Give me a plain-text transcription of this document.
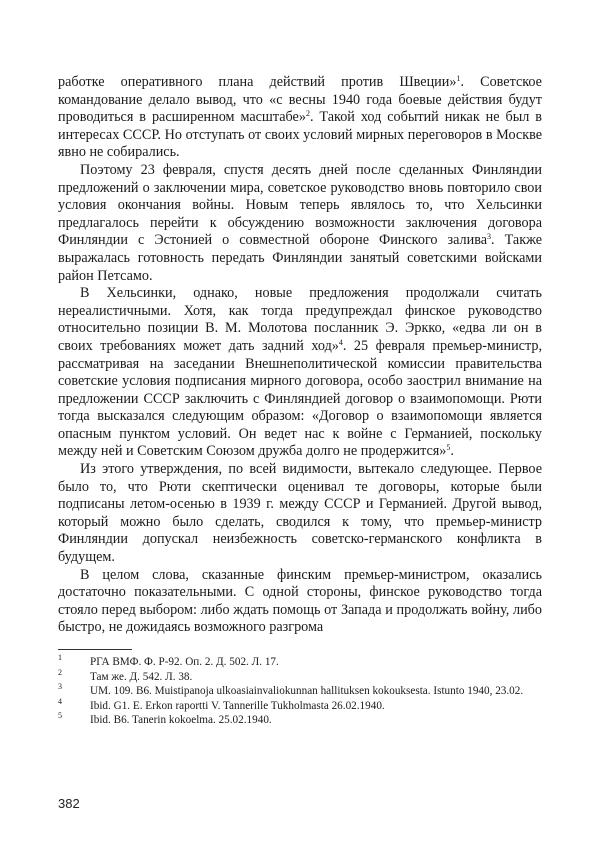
работке оперативного плана действий против Швеции»$^1$. Советское командование делало вывод, что «с весны 1940 года боевые действия будут проводиться в расширенном масштабе»$^2$. Такой ход событий никак не был в интересах СССР. Но отступать от своих условий мирных переговоров в Москве явно не собирались.

Поэтому 23 февраля, спустя десять дней после сделанных Финляндии предложений о заключении мира, советское руководство вновь повторило свои условия окончания войны. Новым теперь являлось то, что Хельсинки предлагалось перейти к обсуждению возможности заключения договора Финляндии с Эстонией о совместной обороне Финского залива$^3$. Также выражалась готовность передать Финляндии занятый советскими войсками район Петсамо.

В Хельсинки, однако, новые предложения продолжали считать нереалистичными. Хотя, как тогда предупреждал финское руководство относительно позиции В. М. Молотова посланник Э. Эркко, «едва ли он в своих требованиях может дать задний ход»$^4$. 25 февраля премьер-министр, рассматривая на заседании Внешнеполитической комиссии правительства советские условия подписания мирного договора, особо заострил внимание на предложении СССР заключить с Финляндией договор о взаимопомощи. Рюти тогда высказался следующим образом: «Договор о взаимопомощи является опасным пунктом условий. Он ведет нас к войне с Германией, поскольку между ней и Советским Союзом дружба долго не продержится»$^5$.

Из этого утверждения, по всей видимости, вытекало следующее. Первое было то, что Рюти скептически оценивал те договоры, которые были подписаны летом-осенью в 1939 г. между СССР и Германией. Другой вывод, который можно было сделать, сводился к тому, что премьер-министр Финляндии допускал неизбежность советско-германского конфликта в будущем.

В целом слова, сказанные финским премьер-министром, оказались достаточно показательными. С одной стороны, финское руководство тогда стояло перед выбором: либо ждать помощь от Запада и продолжать войну, либо быстро, не дожидаясь возможного разгрома

$^1$	РГА ВМФ. Ф. Р-92. Оп. 2. Д. 502. Л. 17.

$^2$	Там же. Д. 542. Л. 38.

$^3$	UM. 109. B6. Muistipanoja ulkoasiainvaliokunnan hallituksen kokouksesta. Istunto 1940, 23.02.

$^4$	Ibid. G1. E. Erkon raportti V. Tannerille Tukholmasta 26.02.1940.

$^5$	Ibid. B6. Tanerin kokoelma. 25.02.1940.

382
